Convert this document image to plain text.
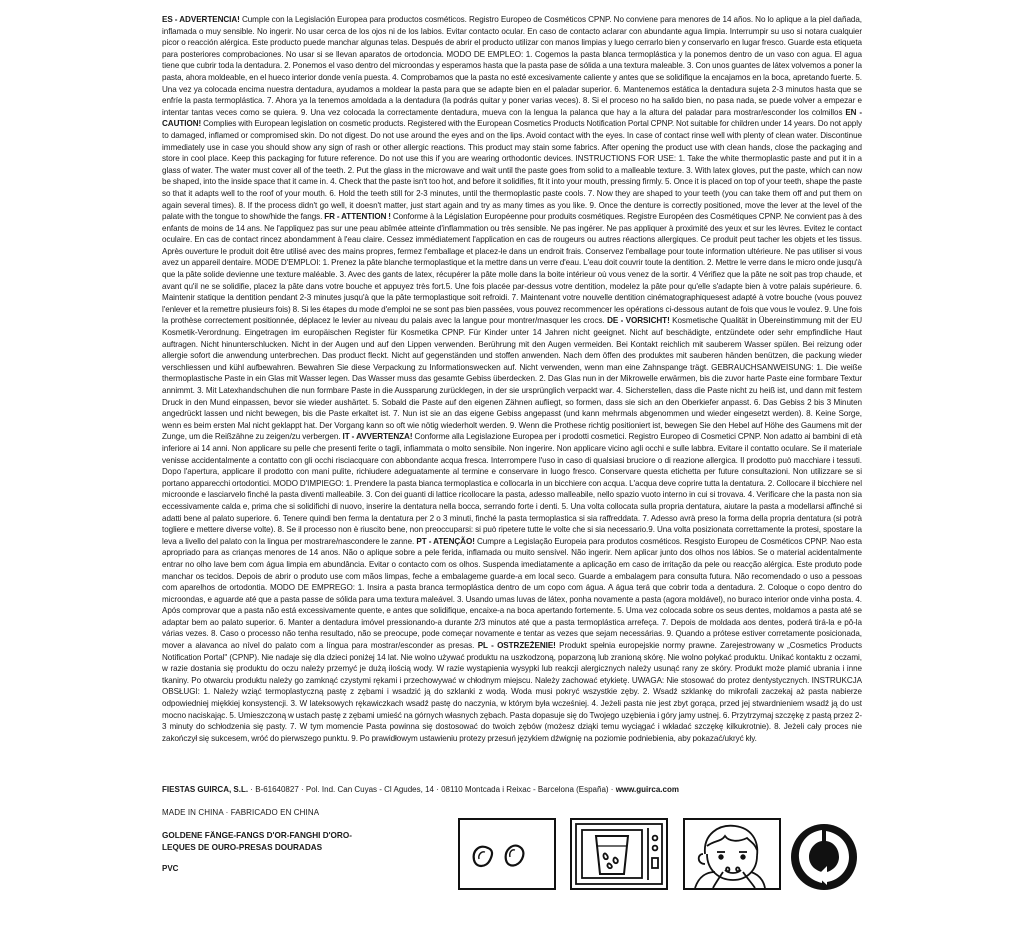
ES - ADVERTENCIA! Cumple con la Legislación Europea para productos cosméticos. Registro Europeo de Cosméticos CPNP. No conviene para menores de 14 años. No lo aplique a la piel dañada, inflamada o muy sensible. No ingerir. No usar cerca de los ojos ni de los labios. Evitar contacto ocular. En caso de contacto aclarar con abundante agua limpia. Interrumpir su uso si notara cualquier picor o reacción alérgica. Este producto puede manchar algunas telas. Después de abrir el producto utilizar con manos limpias y luego cerrarlo bien y conservarlo en lugar fresco. Guarde esta etiqueta para posteriores comprobaciones. No usar si se llevan aparatos de ortodoncia. MODO DE EMPLEO: 1. Cogemos la pasta blanca termoplástica y la ponemos dentro de un vaso con agua. El agua tiene que cubrir toda la dentadura. 2. Ponemos el vaso dentro del microondas y esperamos hasta que la pasta pase de sólida a una textura maleable. 3. Con unos guantes de látex volvemos a poner la pasta, ahora moldeable, en el hueco interior donde venía puesta. 4. Comprobamos que la pasta no esté excesivamente caliente y antes que se solidifique la encajamos en la boca, apretando fuerte. 5. Una vez ya colocada encima nuestra dentadura, ayudamos a moldear la pasta para que se adapte bien en el paladar superior. 6. Mantenemos estática la dentadura sujeta 2-3 minutos hasta que se enfríe la pasta termoplástica. 7. Ahora ya la tenemos amoldada a la dentadura (la podrás quitar y poner varias veces). 8. Si el proceso no ha salido bien, no pasa nada, se puede volver a empezar e intentar tantas veces como se quiera. 9. Una vez colocada la correctamente dentadura, mueva con la lengua la palanca que hay a la altura del paladar para mostrar/esconder los colmillos EN - CAUTION! Complies with European legislation on cosmetic products. Registered with the European Cosmetics Products Notification Portal CPNP. Not suitable for children under 14 years. Do not apply to damaged, inflamed or compromised skin. Do not digest. Do not use around the eyes and on the lips. Avoid contact with the eyes. In case of contact rinse well with plenty of clean water. Discontinue immediately use in case you should show any sign of rash or other allergic reactions. This product may stain some fabrics. After opening the product use with clean hands, close the packaging and store in cool place. Keep this packaging for future reference. Do not use this if you are wearing orthodontic devices. INSTRUCTIONS FOR USE: 1. Take the white thermoplastic paste and put it in a glass of water. The water must cover all of the teeth. 2. Put the glass in the microwave and wait until the paste goes from solid to a malleable texture. 3. With latex gloves, put the paste, which can now be shaped, into the inside space that it came in. 4. Check that the paste isn't too hot, and before it solidifies, fit it into your mouth, pressing firmly. 5. Once it is placed on top of your teeth, shape the paste so that it adapts well to the roof of your mouth. 6. Hold the teeth still for 2-3 minutes, until the thermoplastic paste cools. 7. Now they are shaped to your teeth (you can take them off and put them on again several times). 8. If the process didn't go well, it doesn't matter, just start again and try as many times as you like. 9. Once the denture is correctly positioned, move the lever at the level of the palate with the tongue to show/hide the fangs. FR - ATTENTION ! Conforme à la Législation Européenne pour produits cosmétiques. Registre Européen des Cosmétiques CPNP. Ne convient pas à des enfants de moins de 14 ans. Ne l'appliquez pas sur une peau abîmée atteinte d'inflammation ou très sensible. Ne pas ingérer. Ne pas appliquer à proximité des yeux et sur les lèvres. Evitez le contact oculaire. En cas de contact rincez abondamment à l'eau claire. Cessez immédiatement l'application en cas de rougeurs ou autres réactions allergiques. Ce produit peut tacher les objets et les tissus. Après ouverture le produit doit être utilisé avec des mains propres, fermez l'emballage et placez-le dans un endroit frais. Conservez l'emballage pour toute information ultérieure. Ne pas utiliser si vous avez un appareil dentaire. MODE D'EMPLOI: 1. Prenez la pâte blanche termoplastique et la mettre dans un verre d'eau. L'eau doit couvrir toute la dentition. 2. Mettre le verre dans le micro onde jusqu'à que la pâte solide devienne une texture maléable. 3. Avec des gants de latex, récupérer la pâte molle dans la boite intérieur où vous venez de la sortir. 4 Vérifiez que la pâte ne soit pas trop chaude, et avant qu'il ne se solidifie, placez la pâte dans votre bouche et appuyez très fort.5. Une fois placée par-dessus votre dentition, modelez la pâte pour qu'elle s'adapte bien à votre palais supérieure. 6. Maintenir statique la dentition pendant 2-3 minutes jusqu'à que la pâte termoplastique soit refroidi. 7. Maintenant votre nouvelle dentition cinématographiquesest adapté à votre bouche (vous pouvez l'enlever et la remettre plusieurs fois) 8. Si les étapes du mode d'emploi ne se sont pas bien passées, vous pouvez recommencer les opérations ci-dessous autant de fois que vous le voulez. 9. Une fois la prothèse correctement positionnée, déplacez le levier au niveau du palais avec la langue pour montrer/masquer les crocs. DE - VORSICHT! Kosmetische Qualität in Übereinstimmung mit der EU Kosmetik-Verordnung. Eingetragen im europäischen Register für Kosmetika CPNP. Für Kinder unter 14 Jahren nicht geeignet. Nicht auf beschädigte, entzündete oder sehr empfindliche Haut auftragen. Nicht hinunterschlucken. Nicht in der Augen und auf den Lippen verwenden. Berührung mit den Augen vermeiden. Bei Kontakt reichlich mit sauberem Wasser spülen. Bei reizung oder allergie sofort die anwendung unterbrechen. Das product fleckt. Nicht auf gegenständen und stoffen anwenden. Nach dem öffen des produktes mit sauberen händen benützen, die packung wieder verschliessen und kühl aufbewahren. Bewahren Sie diese Verpackung zu Informationswecken auf. Nicht verwenden, wenn man eine Zahnspange trägt. GEBRAUCHSANWEISUNG: 1. Die weiße thermoplastische Paste in ein Glas mit Wasser legen. Das Wasser muss das gesamte Gebiss überdecken. 2. Das Glas nun in der Mikrowelle erwärmen, bis die zuvor harte Paste eine formbare Textur annimmt. 3. Mit Latexhandschuhen die nun formbare Paste in die Aussparung zurücklegen, in der sie ursprünglich verpackt war. 4. Sicherstellen, dass die Paste nicht zu heiß ist, und dann mit festem Druck in den Mund einpassen, bevor sie wieder aushärtet. 5. Sobald die Paste auf den eigenen Zähnen aufliegt, so formen, dass sie sich an den Oberkiefer anpasst. 6. Das Gebiss 2 bis 3 Minuten angedrückt lassen und nicht bewegen, bis die Paste erkaltet ist. 7. Nun ist sie an das eigene Gebiss angepasst (und kann mehrmals abgenommen und wieder eingesetzt werden). 8. Keine Sorge, wenn es beim ersten Mal nicht geklappt hat. Der Vorgang kann so oft wie nötig wiederholt werden. 9. Wenn die Prothese richtig positioniert ist, bewegen Sie den Hebel auf Höhe des Gaumens mit der Zunge, um die Reißzähne zu zeigen/zu verbergen. IT - AVVERTENZA! Conforme alla Legislazione Europea per i prodotti cosmetici. Registro Europeo di Cosmetici CPNP. Non adatto ai bambini di età inferiore ai 14 anni. Non applicare su pelle che presenti ferite o tagli, infiammata o molto sensibile. Non ingerire. Non applicare vicino agli occhi e sulle labbra. Evitare il contatto oculare. Se il materiale venisse accidentalmente a contatto con gli occhi risciacquare con abbondante acqua fresca. Interrompere l'uso in caso di qualsiasi bruciore o di reazione allergica. Il prodotto può macchiare i tessuti. Dopo l'apertura, applicare il prodotto con mani pulite, richiudere adeguatamente al termine e conservare in luogo fresco. Conservare questa etichetta per future consultazioni. Non utilizzare se si portano apparecchi ortodontici. MODO D'IMPIEGO: 1. Prendere la pasta bianca termoplastica e collocarla in un bicchiere con acqua. L'acqua deve coprire tutta la dentatura. 2. Collocare il bicchiere nel microonde e lasciarvelo finché la pasta diventi malleabile. 3. Con dei guanti di lattice ricollocare la pasta, adesso malleabile, nello spazio vuoto interno in cui si trovava. 4. Verificare che la pasta non sia eccessivamente calda e, prima che si solidifichi di nuovo, inserire la dentatura nella bocca, serrando forte i denti. 5. Una volta collocata sulla propria dentatura, aiutare la pasta a modellarsi affinché si adatti bene al palato superiore. 6. Tenere quindi ben ferma la dentatura per 2 o 3 minuti, finché la pasta termoplastica si sia raffreddata. 7. Adesso avrà preso la forma della propria dentatura (si potrà togliere e mettere diverse volte). 8. Se il processo non è riuscito bene, non preoccuparsi: si può ripetere tutte le volte che si sia necessario.9. Una volta posizionata correttamente la protesi, spostare la leva a livello del palato con la lingua per mostrare/nascondere le zanne. PT - ATENÇÃO! Cumpre a Legislação Europeia para produtos cosméticos. Resgisto Europeu de Cosméticos CPNP. Nao esta apropriado para as crianças menores de 14 anos. Não o aplique sobre a pele ferida, inflamada ou muito sensível. Não ingerir. Nem aplicar junto dos olhos nos lábios. Se o material acidentalmente entrar no olho lave bem com água limpia em abundância. Evitar o contacto com os olhos. Suspenda imediatamente a aplicação em caso de irritação da pele ou reacção alérgica. Este produto pode manchar os tecidos. Depois de abrir o produto use com mãos limpas, feche a embalageme guarde-a em local seco. Guarde a embalagem para consulta futura. Não recomendado o uso a pessoas com aparelhos de ortodontia. MODO DE EMPREGO: 1. Insira a pasta branca termoplástica dentro de um copo com água. A água terá que cobrir toda a dentadura. 2. Coloque o copo dentro do microondas, e aguarde até que a pasta passe de sólida para uma textura maleável. 3. Usando umas luvas de látex, ponha novamente a pasta (agora moldável), no buraco interior onde vinha posta. 4. Após comprovar que a pasta não está excessivamente quente, e antes que solidifique, encaixe-a na boca apertando fortemente. 5. Uma vez colocada sobre os seus dentes, moldamos a pasta até se adaptar bem ao palato superior. 6. Manter a dentadura imóvel pressionando-a durante 2/3 minutos até que a pasta termoplástica arrefeça. 7. Depois de moldada aos dentes, poderá tirá-la e pô-la várias vezes. 8. Caso o processo não tenha resultado, não se preocupe, pode começar novamente e tentar as vezes que sejam necessárias. 9. Quando a prótese estiver corretamente posicionada, mover a alavanca ao nível do palato com a língua para mostrar/esconder as presas. PL - OSTRZEŻENIE! Produkt spełnia europejskie normy prawne. Zarejestrowany w „Cosmetics Products Notification Portal" (CPNP). Nie nadaje się dla dzieci poniżej 14 lat. Nie wolno używać produktu na uszkodzoną, poparzoną lub zranioną skórę. Nie wolno połykać produktu. Unikać kontaktu z oczami, w razie dostania się produktu do oczu należy przemyć je dużą ilością wody. W razie wystąpienia wysypki lub reakcji alergicznych należy usunąć rany ze skóry. Produkt może plamić ubrania i inne tkaniny. Po otwarciu produktu należy go zamknąć czystymi rękami i przechowywać w chłodnym miejscu. Należy zachować etykietę. UWAGA: Nie stosować do protez dentystycznych. INSTRUKCJA OBSŁUGI: 1. Należy wziąć termoplastyczną pastę z zębami i wsadzić ją do szklanki z wodą. Woda musi pokryć wszystkie zęby. 2. Wsadź szklankę do mikrofali zaczekaj aż pasta nabierze odpowiedniej miękkiej konsystencji. 3. W lateksowych rękawiczkach wsadź pastę do naczynia, w którym była wcześniej. 4. Jeżeli pasta nie jest zbyt gorąca, przed jej stwardnieniem wsadź ją do ust mocno naciskając. 5. Umieszczoną w ustach pastę z zębami umieść na górnych własnych zębach. Pasta dopasuje się do Twojego uzębienia i góry jamy ustnej. 6. Przytrzymaj szczękę z pastą przez 2-3 minuty do schłodzenia się pasty. 7. W tym momencie Pasta powinna się dostosować do twoich zębów (możesz dziąki temu wyciągać i wkładać szczękę kilkukrotnie). 8. Jeżeli cały proces nie zakończył się sukcesem, wróć do pierwszego punktu. 9. Po prawidłowym ustawieniu protezy przesuń językiem dźwignię na poziomie podniebienia, aby pokazać/ukryć kły.

FIESTAS GUIRCA, S.L. · B-61640827 · Pol. Ind. Can Cuyas - Cl Agudes, 14 · 08110 Montcada i Reixac - Barcelona (España) · www.guirca.com
MADE IN CHINA · FABRICADO EN CHINA
GOLDENE FÄNGE-FANGS D'OR-FANGHI D'ORO-
LEQUES DE OURO-PRESAS DOURADAS
PVC
